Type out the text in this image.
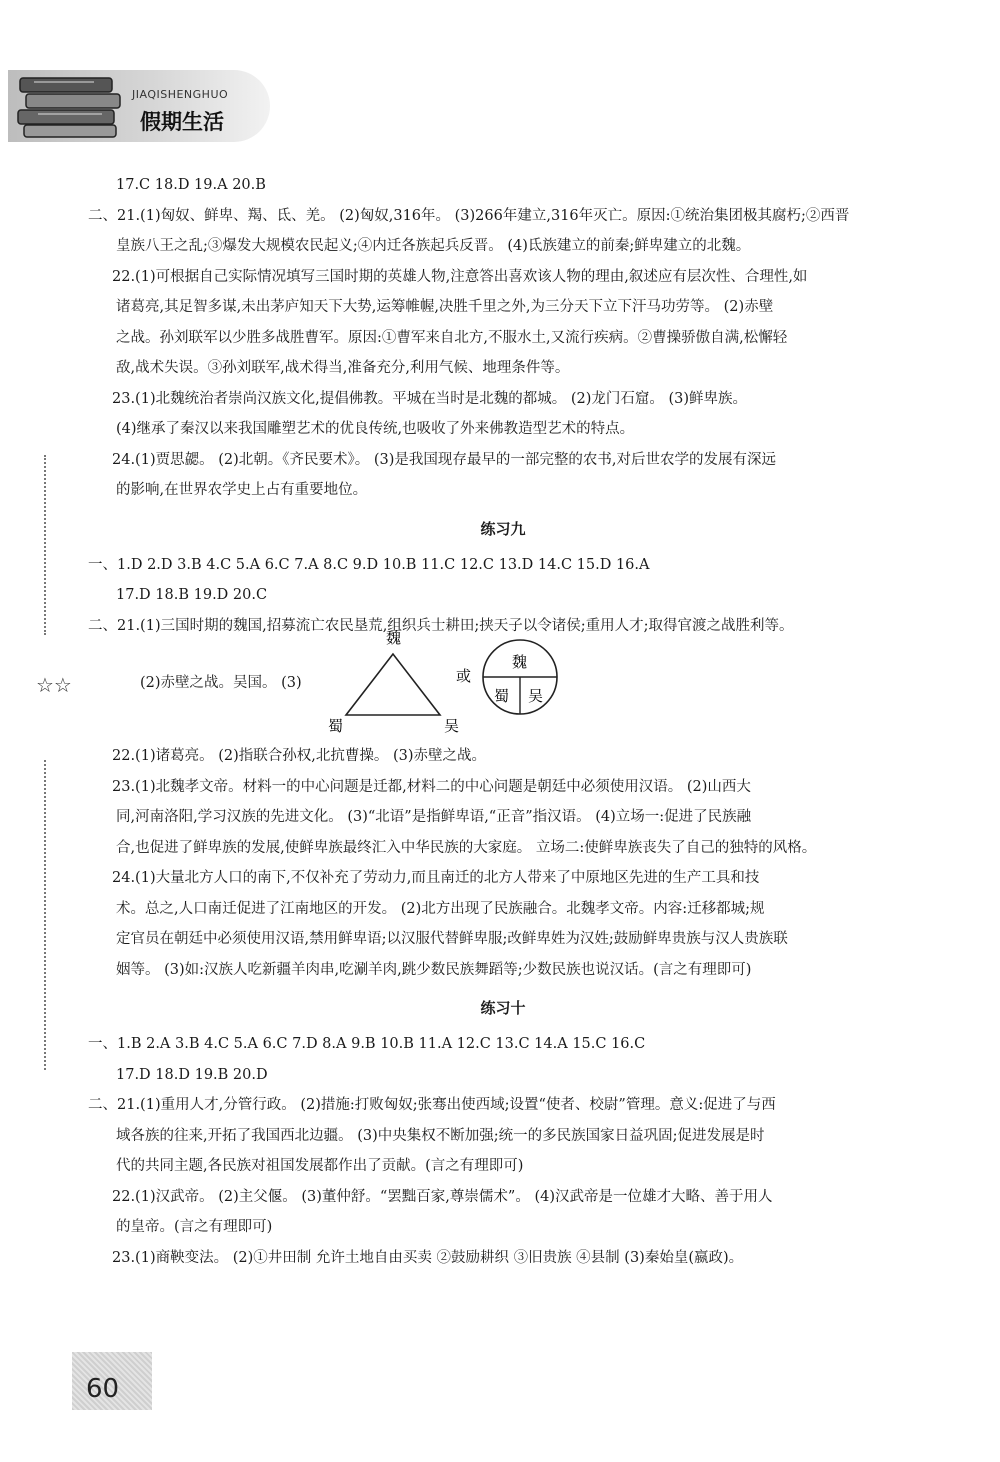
JIAQISHENGHUO
假期生活
☆☆
17.C 18.D 19.A 20.B
二、21.(1)匈奴、鲜卑、羯、氐、羌。 (2)匈奴,316年。 (3)266年建立,316年灭亡。原因:①统治集团极其腐朽;②西晋
皇族八王之乱;③爆发大规模农民起义;④内迁各族起兵反晋。 (4)氐族建立的前秦;鲜卑建立的北魏。
22.(1)可根据自己实际情况填写三国时期的英雄人物,注意答出喜欢该人物的理由,叙述应有层次性、合理性,如
诸葛亮,其足智多谋,未出茅庐知天下大势,运筹帷幄,决胜千里之外,为三分天下立下汗马功劳等。 (2)赤壁
之战。孙刘联军以少胜多战胜曹军。原因:①曹军来自北方,不服水土,又流行疾病。②曹操骄傲自满,松懈轻
敌,战术失误。③孙刘联军,战术得当,准备充分,利用气候、地理条件等。
23.(1)北魏统治者崇尚汉族文化,提倡佛教。平城在当时是北魏的都城。 (2)龙门石窟。 (3)鲜卑族。
(4)继承了秦汉以来我国雕塑艺术的优良传统,也吸收了外来佛教造型艺术的特点。
24.(1)贾思勰。 (2)北朝。《齐民要术》。 (3)是我国现存最早的一部完整的农书,对后世农学的发展有深远
的影响,在世界农学史上占有重要地位。
练习九
一、1.D 2.D 3.B 4.C 5.A 6.C 7.A 8.C 9.D 10.B 11.C 12.C 13.D 14.C 15.D 16.A
17.D 18.B 19.D 20.C
二、21.(1)三国时期的魏国,招募流亡农民垦荒,组织兵士耕田;挟天子以令诸侯;重用人才;取得官渡之战胜利等。
(2)赤壁之战。吴国。 (3)
魏
蜀	吴
或
魏
蜀 吴
22.(1)诸葛亮。 (2)指联合孙权,北抗曹操。 (3)赤壁之战。
23.(1)北魏孝文帝。材料一的中心问题是迁都,材料二的中心问题是朝廷中必须使用汉语。 (2)山西大
同,河南洛阳,学习汉族的先进文化。 (3)“北语”是指鲜卑语,“正音”指汉语。 (4)立场一:促进了民族融
合,也促进了鲜卑族的发展,使鲜卑族最终汇入中华民族的大家庭。 立场二:使鲜卑族丧失了自己的独特的风格。
24.(1)大量北方人口的南下,不仅补充了劳动力,而且南迁的北方人带来了中原地区先进的生产工具和技
术。总之,人口南迁促进了江南地区的开发。 (2)北方出现了民族融合。北魏孝文帝。内容:迁移都城;规
定官员在朝廷中必须使用汉语,禁用鲜卑语;以汉服代替鲜卑服;改鲜卑姓为汉姓;鼓励鲜卑贵族与汉人贵族联
姻等。 (3)如:汉族人吃新疆羊肉串,吃涮羊肉,跳少数民族舞蹈等;少数民族也说汉话。(言之有理即可)
练习十
一、1.B 2.A 3.B 4.C 5.A 6.C 7.D 8.A 9.B 10.B 11.A 12.C 13.C 14.A 15.C 16.C
17.D 18.D 19.B 20.D
二、21.(1)重用人才,分管行政。 (2)措施:打败匈奴;张骞出使西域;设置“使者、校尉”管理。意义:促进了与西
域各族的往来,开拓了我国西北边疆。 (3)中央集权不断加强;统一的多民族国家日益巩固;促进发展是时
代的共同主题,各民族对祖国发展都作出了贡献。(言之有理即可)
22.(1)汉武帝。 (2)主父偃。 (3)董仲舒。“罢黜百家,尊崇儒术”。 (4)汉武帝是一位雄才大略、善于用人
的皇帝。(言之有理即可)
23.(1)商鞅变法。 (2)①井田制 允许土地自由买卖 ②鼓励耕织 ③旧贵族 ④县制 (3)秦始皇(嬴政)。
60
